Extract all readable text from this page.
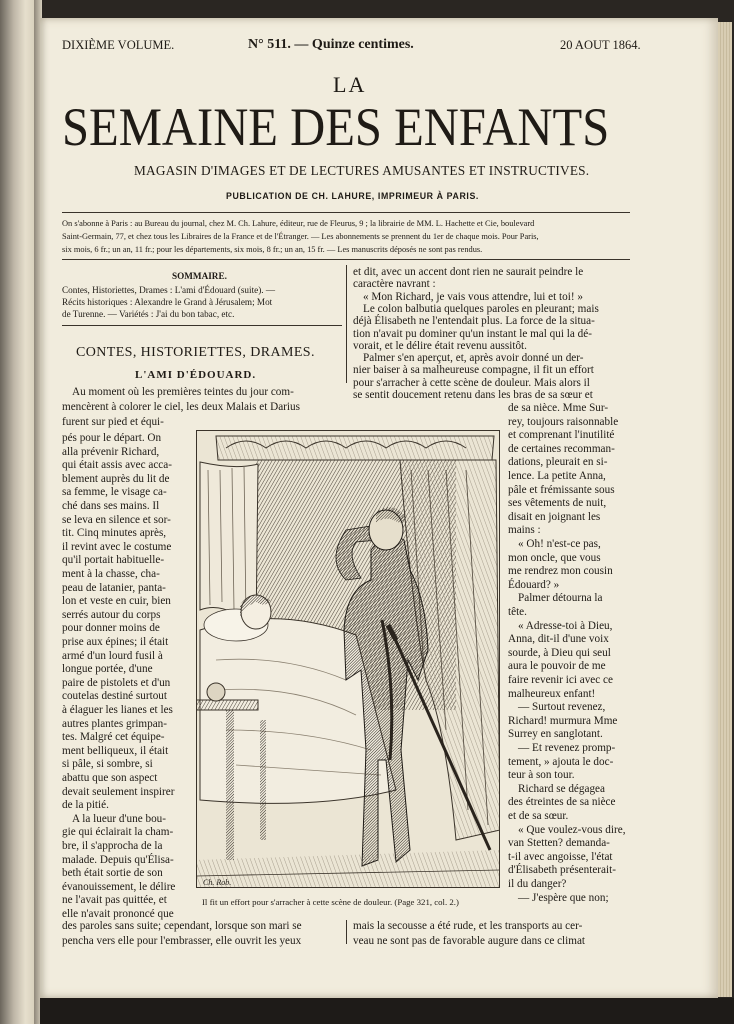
DIXIÈME VOLUME.	N° 511. — Quinze centimes.	20 AOUT 1864.
LA
SEMAINE DES ENFANTS
MAGASIN D'IMAGES ET DE LECTURES AMUSANTES ET INSTRUCTIVES.
PUBLICATION DE CH. LAHURE, IMPRIMEUR À PARIS.
On s'abonne à Paris : au Bureau du journal, chez M. Ch. Lahure, éditeur, rue de Fleurus, 9 ; la librairie de MM. L. Hachette et Cie, boulevard
Saint-Germain, 77, et chez tous les Libraires de la France et de l'Étranger. — Les abonnements se prennent du 1er de chaque mois. Pour Paris,
six mois, 6 fr.; un an, 11 fr.; pour les départements, six mois, 8 fr.; un an, 15 fr. — Les manuscrits déposés ne sont pas rendus.
SOMMAIRE.
Contes, Historiettes, Drames : L'ami d'Édouard (suite). —
Récits historiques : Alexandre le Grand à Jérusalem; Mot
de Turenne. — Variétés : J'ai du bon tabac, etc.
CONTES, HISTORIETTES, DRAMES.
L'AMI D'ÉDOUARD.
Au moment où les premières teintes du jour com-
mencèrent à colorer le ciel, les deux Malais et Darius
furent sur pied et équi-
pés pour le départ. On
alla prévenir Richard,
qui était assis avec acca-
blement auprès du lit de
sa femme, le visage ca-
ché dans ses mains. Il
se leva en silence et sor-
tit. Cinq minutes après,
il revint avec le costume
qu'il portait habituelle-
ment à la chasse, cha-
peau de latanier, panta-
lon et veste en cuir, bien
serrés autour du corps
pour donner moins de
prise aux épines; il était
armé d'un lourd fusil à
longue portée, d'une
paire de pistolets et d'un
coutelas destiné surtout
à élaguer les lianes et les
autres plantes grimpan-
tes. Malgré cet équipe-
ment belliqueux, il était
si pâle, si sombre, si
abattu que son aspect
devait seulement inspirer
de la pitié.
A la lueur d'une bou-
gie qui éclairait la cham-
bre, il s'approcha de la
malade. Depuis qu'Élisa-
beth était sortie de son
évanouissement, le délire
ne l'avait pas quittée, et
elle n'avait prononcé que
des paroles sans suite; cependant, lorsque son mari se
pencha vers elle pour l'embrasser, elle ouvrit les yeux
et dit, avec un accent dont rien ne saurait peindre le
caractère navrant :
« Mon Richard, je vais vous attendre, lui et toi! »
Le colon balbutia quelques paroles en pleurant; mais
déjà Élisabeth ne l'entendait plus. La force de la situa-
tion n'avait pu dominer qu'un instant le mal qui la dé-
vorait, et le délire était revenu aussitôt.
Palmer s'en aperçut, et, après avoir donné un der-
nier baiser à sa malheureuse compagne, il fit un effort
pour s'arracher à cette scène de douleur. Mais alors il
se sentit doucement retenu dans les bras de sa sœur et
de sa nièce. Mme Sur-
rey, toujours raisonnable
et comprenant l'inutilité
de certaines recomman-
dations, pleurait en si-
lence. La petite Anna,
pâle et frémissante sous
ses vêtements de nuit,
disait en joignant les
mains :
« Oh! n'est-ce pas,
mon oncle, que vous
me rendrez mon cousin
Édouard? »
Palmer détourna la
tête.
« Adresse-toi à Dieu,
Anna, dit-il d'une voix
sourde, à Dieu qui seul
aura le pouvoir de me
faire revenir ici avec ce
malheureux enfant!
— Surtout revenez,
Richard! murmura Mme
Surrey en sanglotant.
— Et revenez promp-
tement, » ajouta le doc-
teur à son tour.
Richard se dégagea
des étreintes de sa nièce
et de sa sœur.
« Que voulez-vous dire,
van Stetten? demanda-
t-il avec angoisse, l'état
d'Élisabeth présenterait-
il du danger?
— J'espère que non;
mais la secousse a été rude, et les transports au cer-
veau ne sont pas de favorable augure dans ce climat
Ch. Rob.
Il fit un effort pour s'arracher à cette scène de douleur. (Page 321, col. 2.)
